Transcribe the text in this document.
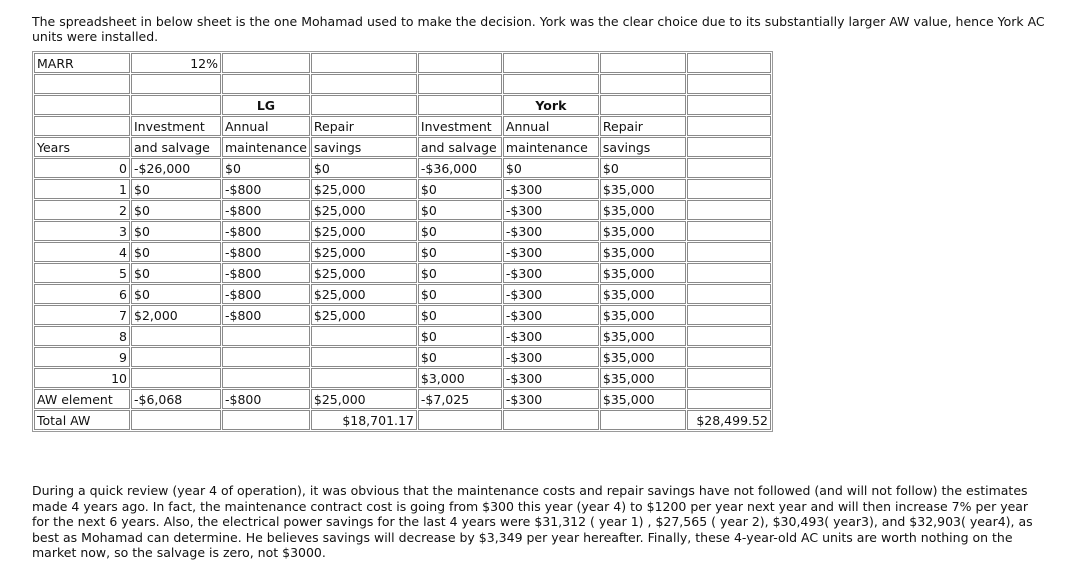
The spreadsheet in below sheet is the one Mohamad used to make the decision. York was the clear choice due to its substantially larger AW value, hence York AC units were installed.
MARR	12%						

		LG			York		
	Investment	Annual	Repair	Investment	Annual	Repair	
Years	and salvage	maintenance	savings	and salvage	maintenance	savings	
0	-$26,000	$0	$0	-$36,000	$0	$0	
1	$0	-$800	$25,000	$0	-$300	$35,000	
2	$0	-$800	$25,000	$0	-$300	$35,000	
3	$0	-$800	$25,000	$0	-$300	$35,000	
4	$0	-$800	$25,000	$0	-$300	$35,000	
5	$0	-$800	$25,000	$0	-$300	$35,000	
6	$0	-$800	$25,000	$0	-$300	$35,000	
7	$2,000	-$800	$25,000	$0	-$300	$35,000	
8				$0	-$300	$35,000	
9				$0	-$300	$35,000	
10				$3,000	-$300	$35,000	
AW element	-$6,068	-$800	$25,000	-$7,025	-$300	$35,000	
Total AW			$18,701.17				$28,499.52
During a quick review (year 4 of operation), it was obvious that the maintenance costs and repair savings have not followed (and will not follow) the estimates made 4 years ago. In fact, the maintenance contract cost is going from $300 this year (year 4) to $1200 per year next year and will then increase 7% per year for the next 6 years. Also, the electrical power savings for the last 4 years were $31,312 ( year 1) , $27,565 ( year 2), $30,493( year3), and $32,903( year4), as best as Mohamad can determine. He believes savings will decrease by $3,349 per year hereafter. Finally, these 4-year-old AC units are worth nothing on the market now, so the salvage is zero, not $3000.
